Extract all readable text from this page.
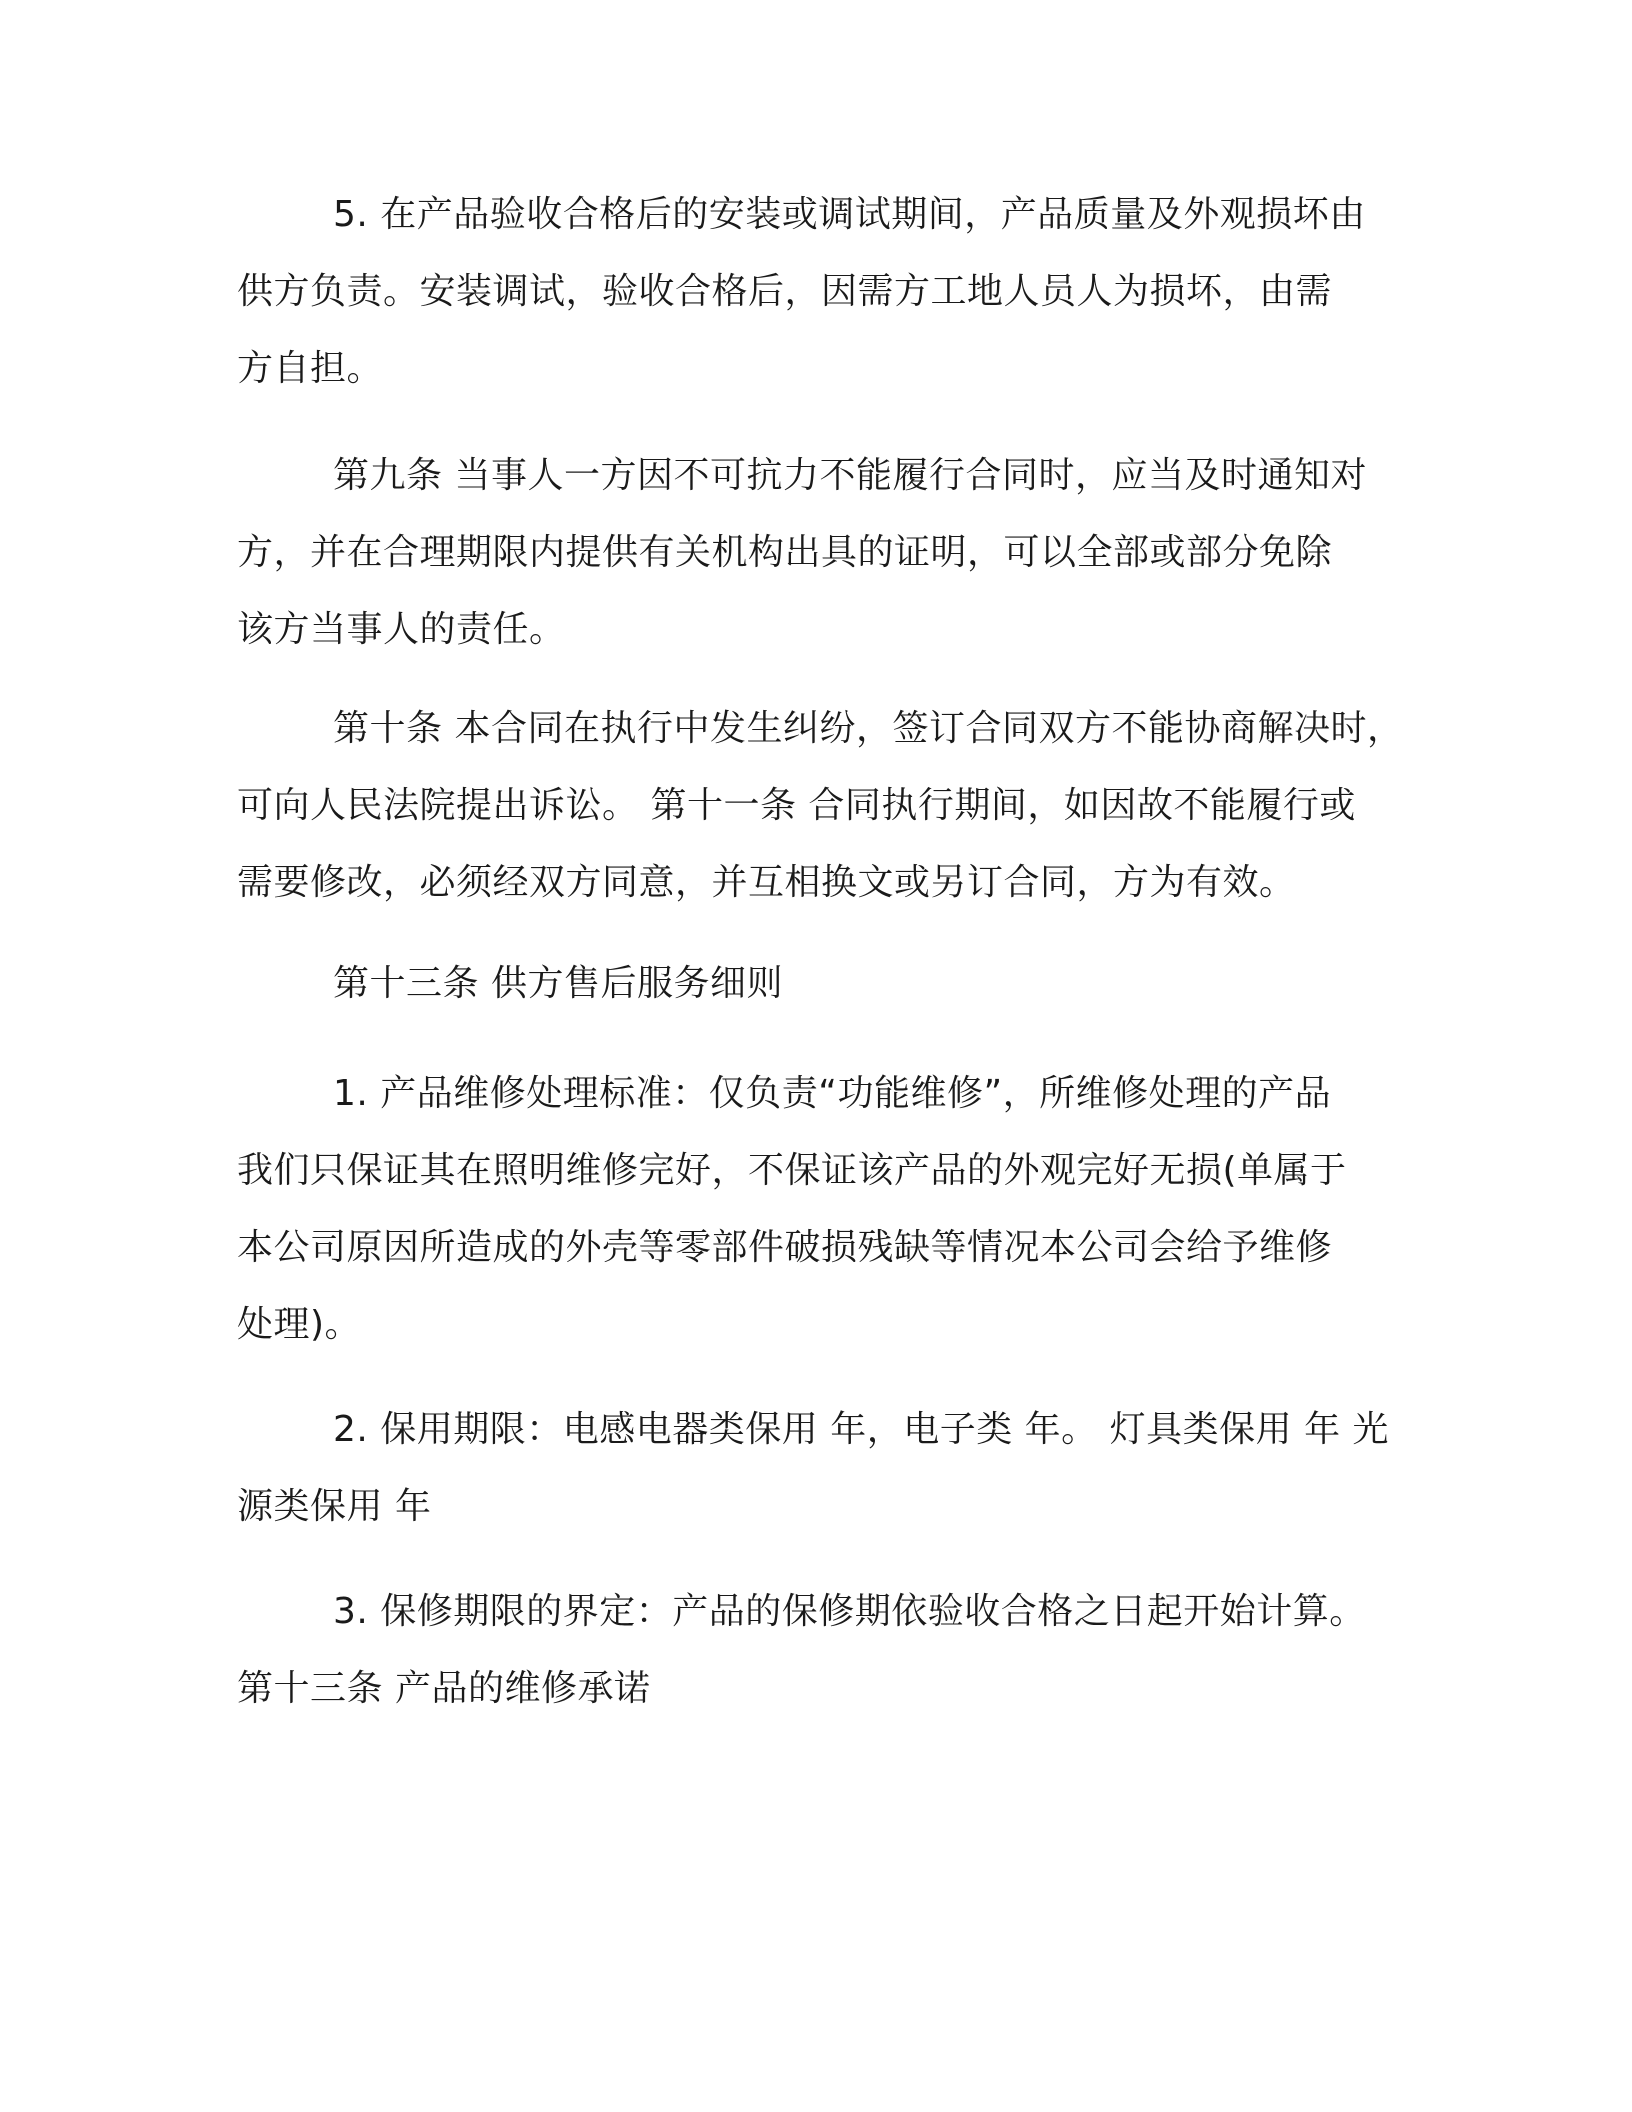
5. 在产品验收合格后的安装或调试期间，产品质量及外观损坏由
供方负责。安装调试，验收合格后，因需方工地人员人为损坏，由需
方自担。
第九条 当事人一方因不可抗力不能履行合同时，应当及时通知对
方，并在合理期限内提供有关机构出具的证明，可以全部或部分免除
该方当事人的责任。
第十条 本合同在执行中发生纠纷，签订合同双方不能协商解决时，
可向人民法院提出诉讼。 第十一条 合同执行期间，如因故不能履行或
需要修改，必须经双方同意，并互相换文或另订合同，方为有效。
第十三条 供方售后服务细则
1. 产品维修处理标准：仅负责“功能维修”，所维修处理的产品
我们只保证其在照明维修完好，不保证该产品的外观完好无损(单属于
本公司原因所造成的外壳等零部件破损残缺等情况本公司会给予维修
处理)。
2. 保用期限：电感电器类保用 年，电子类 年。 灯具类保用 年 光
源类保用 年
3. 保修期限的界定：产品的保修期依验收合格之日起开始计算。
第十三条 产品的维修承诺
